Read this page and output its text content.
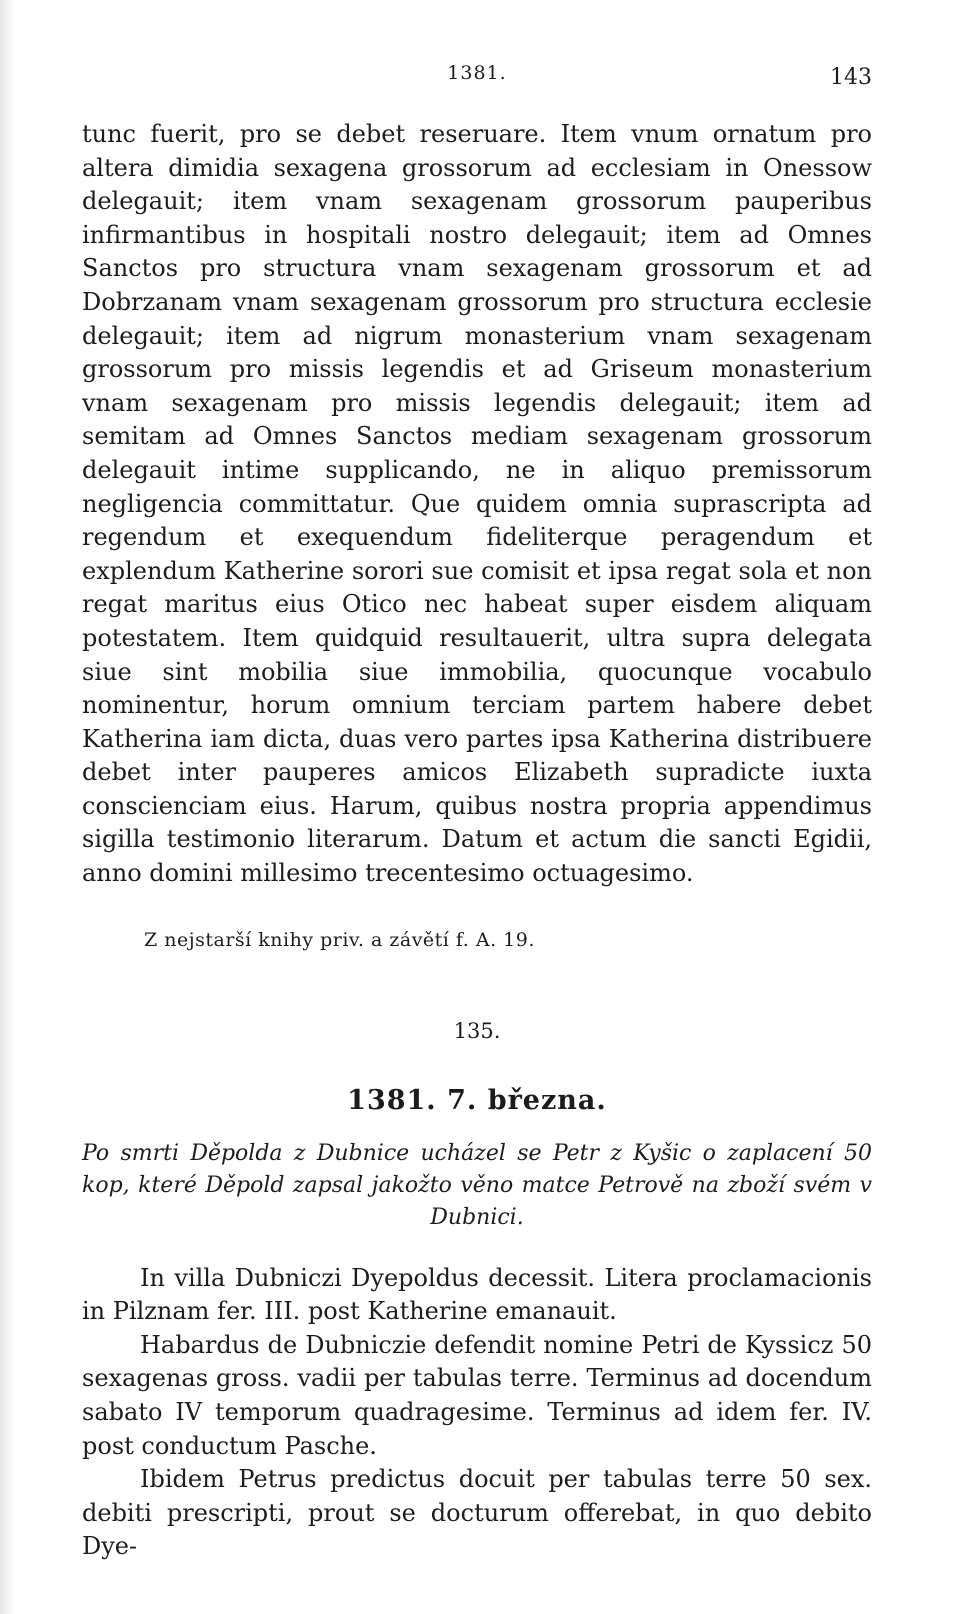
1381.	143

tunc fuerit, pro se debet reseruare. Item vnum ornatum pro altera dimidia sexagena grossorum ad ecclesiam in Onessow delegauit; item vnam sexagenam grossorum pauperibus infirmantibus in hospitali nostro delegauit; item ad Omnes Sanctos pro structura vnam sexagenam grossorum et ad Dobrzanam vnam sexagenam grossorum pro structura ecclesie delegauit; item ad nigrum monasterium vnam sexagenam grossorum pro missis legendis et ad Griseum monasterium vnam sexagenam pro missis legendis delegauit; item ad semitam ad Omnes Sanctos mediam sexagenam grossorum delegauit intime supplicando, ne in aliquo premissorum negligencia committatur. Que quidem omnia suprascripta ad regendum et exequendum fideliterque peragendum et explendum Katherine sorori sue comisit et ipsa regat sola et non regat maritus eius Otico nec habeat super eisdem aliquam potestatem. Item quidquid resultauerit, ultra supra delegata siue sint mobilia siue immobilia, quocunque vocabulo nominentur, horum omnium terciam partem habere debet Katherina iam dicta, duas vero partes ipsa Katherina distribuere debet inter pauperes amicos Elizabeth supradicte iuxta conscienciam eius. Harum, quibus nostra propria appendimus sigilla testimonio literarum. Datum et actum die sancti Egidii, anno domini millesimo trecentesimo octuagesimo.

Z nejstarší knihy priv. a závětí f. A. 19.
135.
1381. 7. března.

Po smrti Děpolda z Dubnice ucházel se Petr z Kyšic o zaplacení 50 kop, které Děpold zapsal jakožto věno matce Petrově na zboží svém v Dubnici.

In villa Dubniczi Dyepoldus decessit. Litera proclamacionis in Pilznam fer. III. post Katherine emanauit.

Habardus de Dubniczie defendit nomine Petri de Kyssicz 50 sexagenas gross. vadii per tabulas terre. Terminus ad docendum sabato IV temporum quadragesime. Terminus ad idem fer. IV. post conductum Pasche.

Ibidem Petrus predictus docuit per tabulas terre 50 sex. debiti prescripti, prout se docturum offerebat, in quo debito Dye-
